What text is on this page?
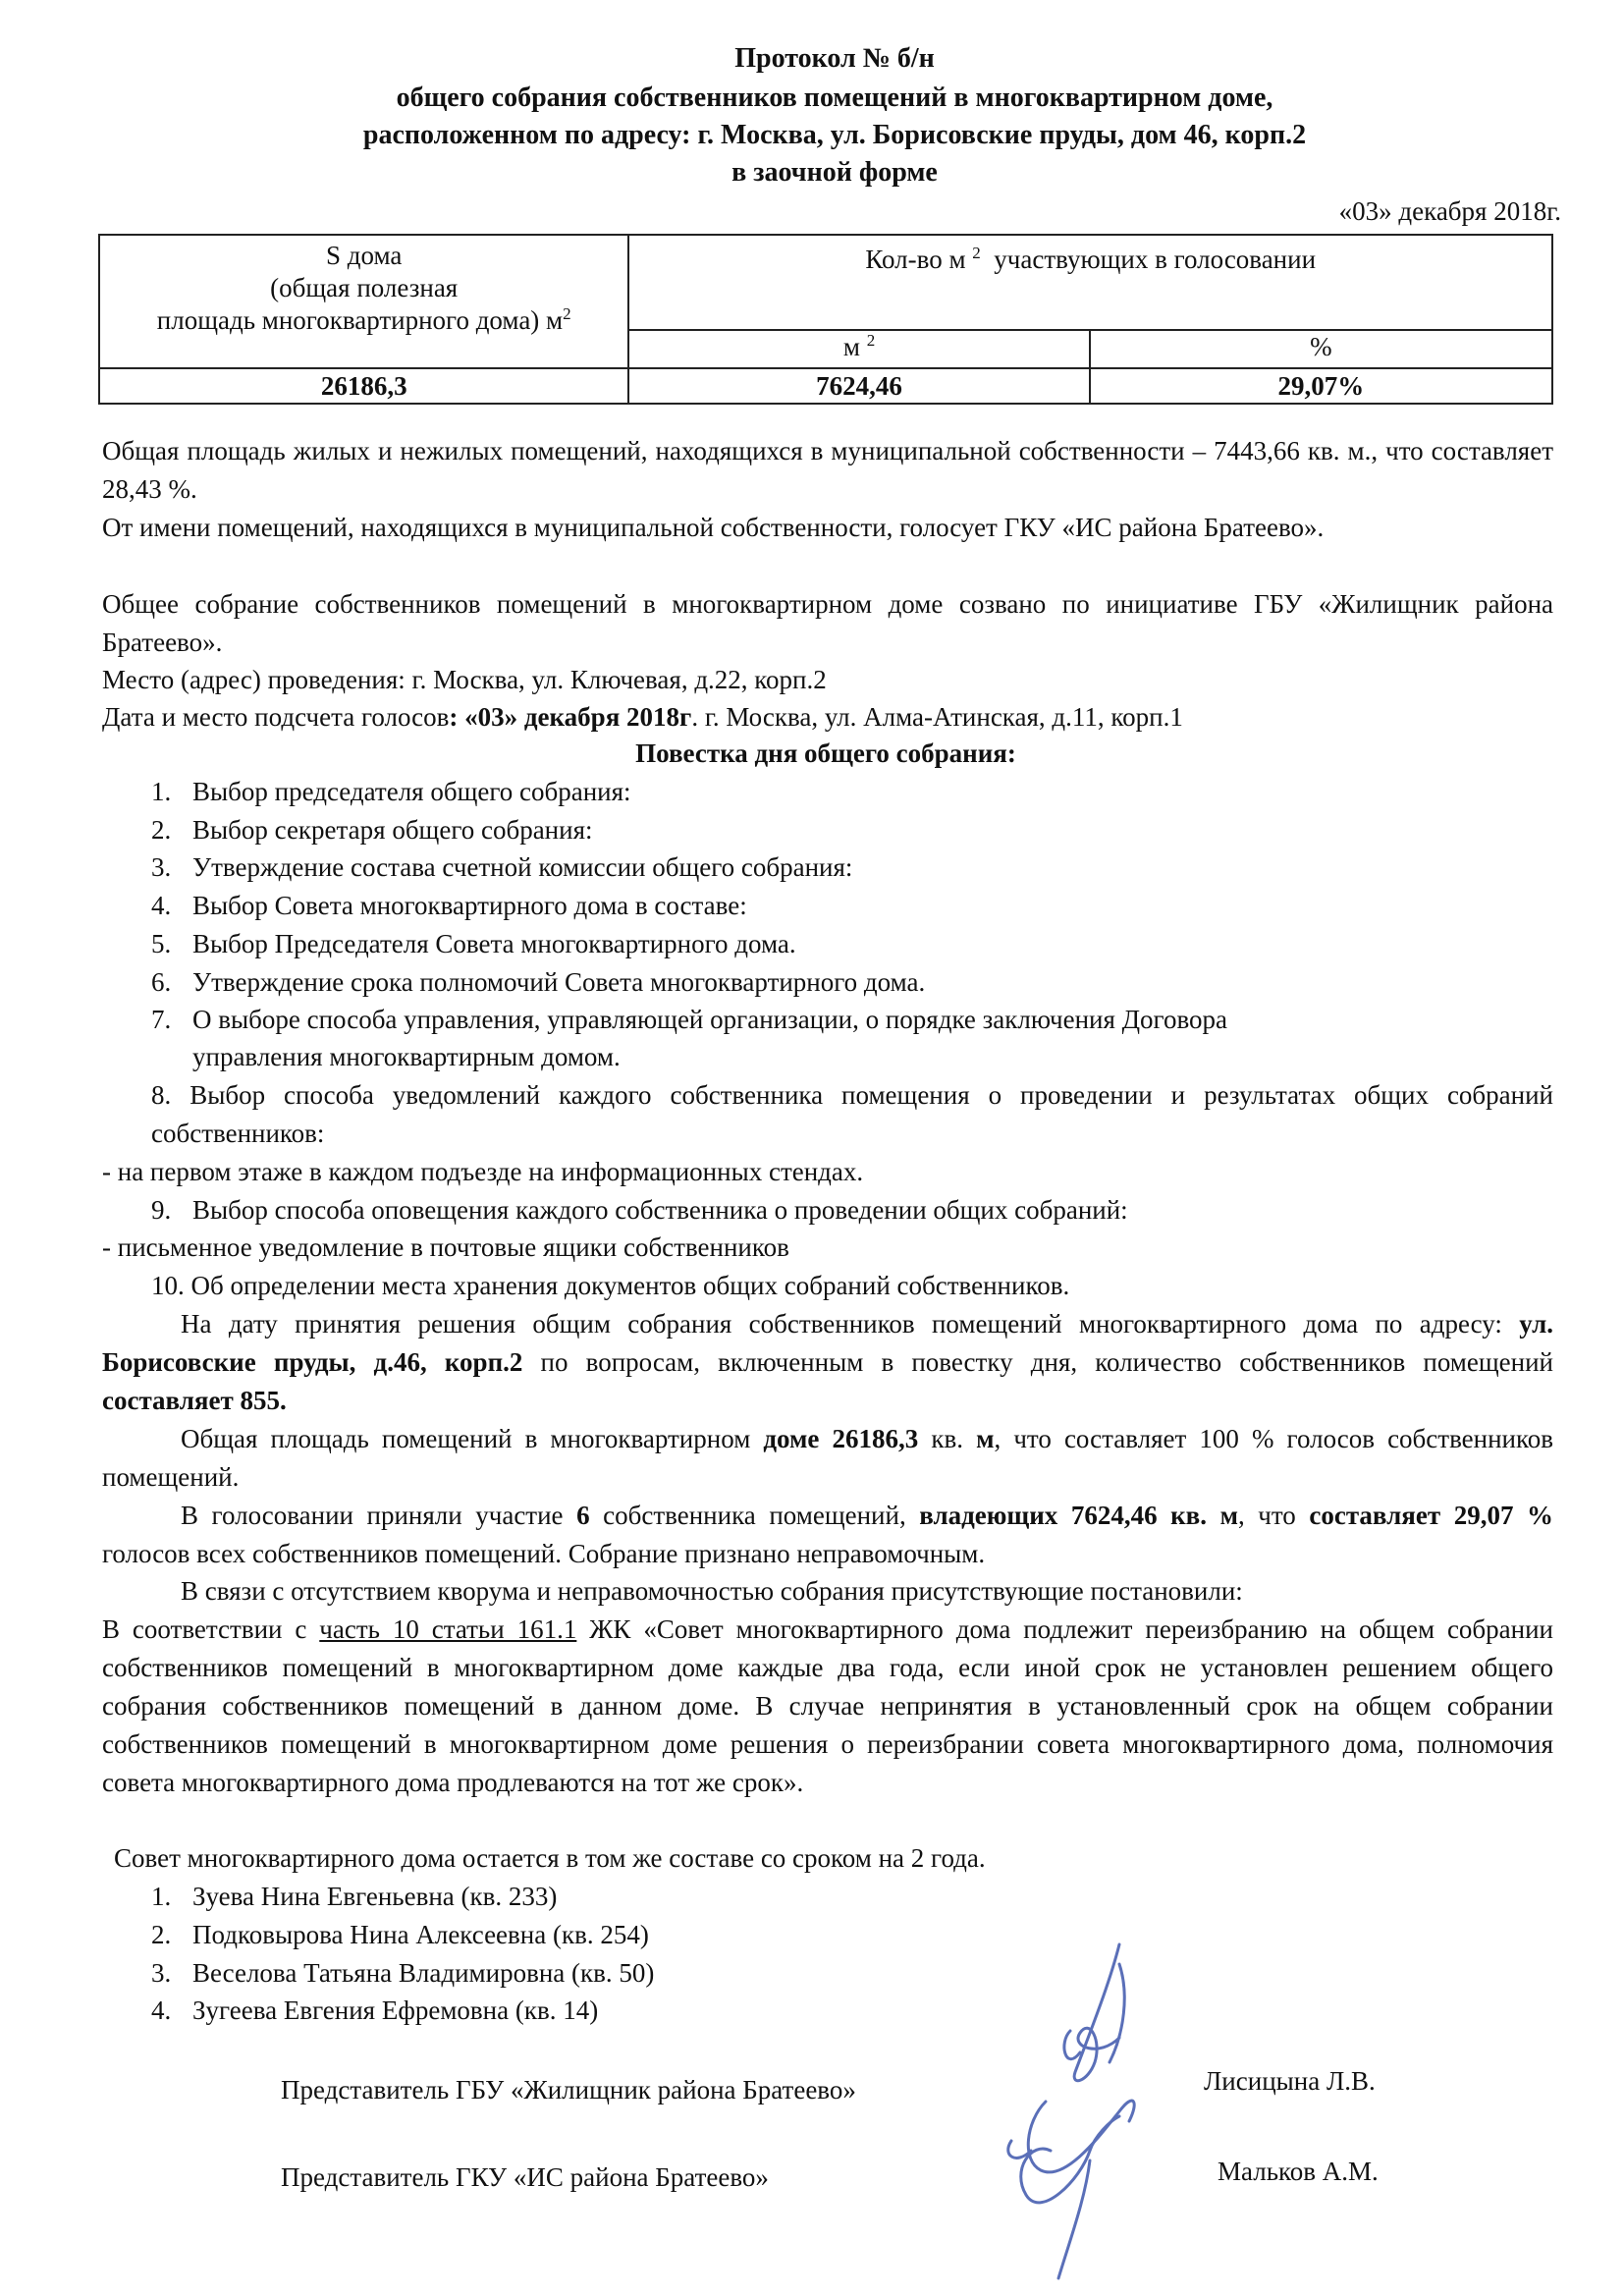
Протокол № б/н
общего собрания собственников помещений в многоквартирном доме,
расположенном по адресу: г. Москва, ул. Борисовские пруды, дом 46, корп.2
в заочной форме
«03» декабря 2018г.
S дома
(общая полезная
площадь многоквартирного дома) $м^2$	Кол-во м $^2$ участвующих в голосовании	
	м $^2$	%
26186,3	7624,46	29,07%
Общая площадь жилых и нежилых помещений, находящихся в муниципальной собственности – 7443,66 кв. м., что составляет 28,43 %.
От имени помещений, находящихся в муниципальной собственности, голосует ГКУ «ИС района Братеево».
Общее собрание собственников помещений в многоквартирном доме созвано по инициативе ГБУ «Жилищник района Братеево».
Место (адрес) проведения: г. Москва, ул. Ключевая, д.22, корп.2
Дата и место подсчета голосов: «03» декабря 2018г. г. Москва, ул. Алма-Атинская, д.11, корп.1
Повестка дня общего собрания:
1. Выбор председателя общего собрания:
2. Выбор секретаря общего собрания:
3. Утверждение состава счетной комиссии общего собрания:
4. Выбор Совета многоквартирного дома в составе:
5. Выбор Председателя Совета многоквартирного дома.
6. Утверждение срока полномочий Совета многоквартирного дома.
7. О выборе способа управления, управляющей организации, о порядке заключения Договора
управления многоквартирным домом.
8. Выбор способа уведомлений каждого собственника помещения о проведении и результатах общих собраний собственников:
- на первом этаже в каждом подъезде на информационных стендах.
9. Выбор способа оповещения каждого собственника о проведении общих собраний:
- письменное уведомление в почтовые ящики собственников
10. Об определении места хранения документов общих собраний собственников.
На дату принятия решения общим собрания собственников помещений многоквартирного дома по адресу: ул. Борисовские пруды, д.46, корп.2 по вопросам, включенным в повестку дня, количество собственников помещений составляет 855.
Общая площадь помещений в многоквартирном доме 26186,3 кв. м, что составляет 100 % голосов собственников помещений.
В голосовании приняли участие 6 собственника помещений, владеющих 7624,46 кв. м, что составляет 29,07 % голосов всех собственников помещений. Собрание признано неправомочным.
В связи с отсутствием кворума и неправомочностью собрания присутствующие постановили:
В соответствии с часть 10 статьи 161.1 ЖК «Совет многоквартирного дома подлежит переизбранию на общем собрании собственников помещений в многоквартирном доме каждые два года, если иной срок не установлен решением общего собрания собственников помещений в данном доме. В случае непринятия в установленный срок на общем собрании собственников помещений в многоквартирном доме решения о переизбрании совета многоквартирного дома, полномочия совета многоквартирного дома продлеваются на тот же срок».
Совет многоквартирного дома остается в том же составе со сроком на 2 года.
1. Зуева Нина Евгеньевна (кв. 233)
2. Подковырова Нина Алексеевна (кв. 254)
3. Веселова Татьяна Владимировна (кв. 50)
4. Зугеева Евгения Ефремовна (кв. 14)
Представитель ГБУ «Жилищник района Братеево»	Лисицына Л.В.
Представитель ГКУ «ИС района Братеево»	Мальков А.М.
